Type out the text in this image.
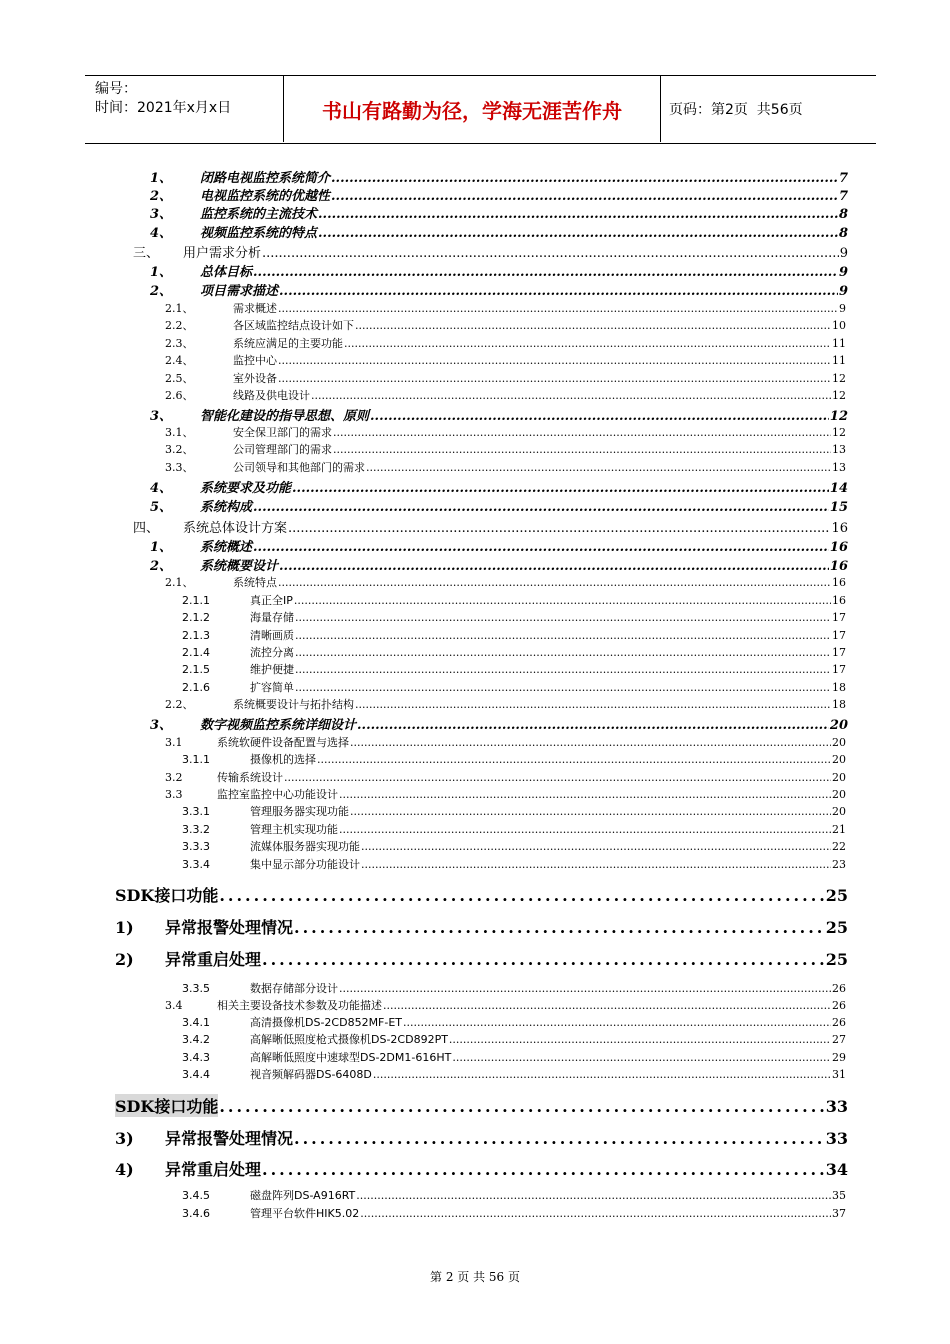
编号：
时间：2021年x月x日	书山有路勤为径，学海无涯苦作舟	页码：第2页  共56页
1、	闭路电视监控系统简介 .....	7
2、	电视监控系统的优越性 .....	7
3、	监控系统的主流技术 .....	8
4、	视频监控系统的特点 .....	8
三、	用户需求分析 .....	9
1、	总体目标 .....	9
2、	项目需求描述 .....	9
2.1、	需求概述 .....	9
2.2、	各区域监控结点设计如下 .....	10
2.3、	系统应满足的主要功能 .....	11
2.4、	监控中心 .....	11
2.5、	室外设备 .....	12
2.6、	线路及供电设计 .....	12
3、	智能化建设的指导思想、原则 .....	12
3.1、	安全保卫部门的需求 .....	12
3.2、	公司管理部门的需求 .....	13
3.3、	公司领导和其他部门的需求 .....	13
4、	系统要求及功能 .....	14
5、	系统构成 .....	15
四、	系统总体设计方案 .....	16
1、	系统概述 .....	16
2、	系统概要设计 .....	16
2.1、	系统特点 .....	16
2.1.1	真正全IP .....	16
2.1.2	海量存储 .....	17
2.1.3	清晰画质 .....	17
2.1.4	流控分离 .....	17
2.1.5	维护便捷 .....	17
2.1.6	扩容简单 .....	18
2.2、	系统概要设计与拓扑结构 .....	18
3、	数字视频监控系统详细设计 .....	20
3.1	系统软硬件设备配置与选择 .....	20
3.1.1	摄像机的选择 .....	20
3.2	传输系统设计 .....	20
3.3	监控室监控中心功能设计 .....	20
3.3.1	管理服务器实现功能 .....	20
3.3.2	管理主机实现功能 .....	21
3.3.3	流媒体服务器实现功能 .....	22
3.3.4	集中显示部分功能设计 .....	23
SDK接口功能 .....	25
1)	异常报警处理情况 .....	25
2)	异常重启处理 .....	25
3.3.5	数据存储部分设计 .....	26
3.4	相关主要设备技术参数及功能描述 .....	26
3.4.1	高清摄像机DS-2CD852MF-ET .....	26
3.4.2	高解晰低照度枪式摄像机DS-2CD892PT .....	27
3.4.3	高解晰低照度中速球型DS-2DM1-616HT .....	29
3.4.4	视音频解码器DS-6408D .....	31
SDK接口功能 .....	33
3)	异常报警处理情况 .....	33
4)	异常重启处理 .....	34
3.4.5	磁盘阵列DS-A916RT .....	35
3.4.6	管理平台软件HIK5.02 .....	37
第 2 页 共 56 页
